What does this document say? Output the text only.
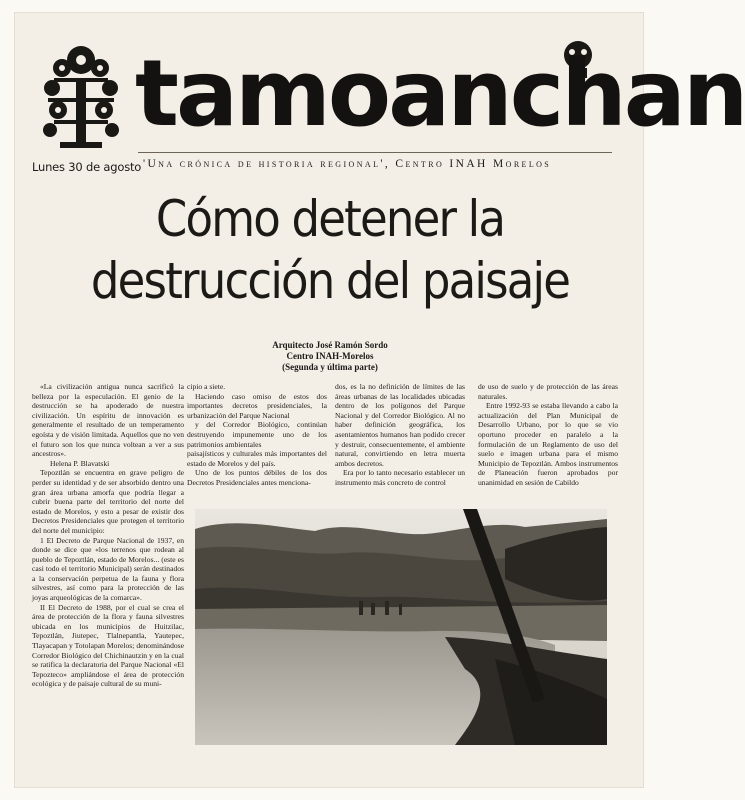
tamoanchan
Lunes 30 de agosto 'Una crónica de historia regional', Centro INAH Morelos
Cómo detener la
destrucción del paisaje
Arquitecto José Ramón Sordo
Centro INAH-Morelos
(Segunda y última parte)

«La civilización antigua nunca sacrificó la belleza por la especulación. El genio de la destrucción se ha apoderado de nuestra civilización. Un espíritu de innovación es generalmente el resultado de un temperamento egoísta y de visión limitada. Aquellos que no ven el futuro son los que nunca voltean a ver a sus ancestros».

Helena P. Blavatski

Tepoztlán se encuentra en grave peligro de perder su identidad y de ser absorbido dentro una gran área urbana amorfa que podría llegar a cubrir buena parte del territorio del norte del estado de Morelos, y esto a pesar de existir dos Decretos Presidenciales que protegen el territorio del norte del municipio:

1 El Decreto de Parque Nacional de 1937, en donde se dice que «los terrenos que rodean al pueblo de Tepoztlán, estado de Morelos... (este es casi todo el territorio Municipal) serán destinados a la conservación perpetua de la fauna y flora silvestres, así como para la protección de las joyas arqueológicas de la comarca».

II El Decreto de 1988, por el cual se crea el área de protección de la flora y fauna silvestres ubicada en los municipios de Huitzilac, Tepoztlán, Jiutepec, Tlalnepantla, Yautepec, Tlayacapan y Totolapan Morelos; denominándose Corredor Biológico del Chichinautzin y en la cual se ratifica la declaratoria del Parque Nacional «El Tepozteco» ampliándose el área de protección ecológica y de paisaje cultural de su muni-

cipio a siete.

Haciendo caso omiso de estos dos importantes decretos presidenciales, la urbanización del Parque Nacional

y del Corredor Biológico, continúan destruyendo impunemente uno de los patrimonios ambientales

paisajísticos y culturales más importantes del estado de Morelos y del país.

Uno de los puntos débiles de los dos Decretos Presidenciales antes menciona-

dos, es la no definición de límites de las áreas urbanas de las localidades ubicadas dentro de los polígonos del Parque Nacional y del Corredor Biológico. Al no haber definición geográfica, los asentamientos humanos han podido crecer y destruir, consecuentemente, el ambiente natural, convirtiendo en letra muerta ambos decretos.

Era por lo tanto necesario establecer un instrumento más concreto de control

de uso de suelo y de protección de las áreas naturales.

Entre 1992-93 se estaba llevando a cabo la actualización del Plan Municipal de Desarrollo Urbano, por lo que se vio oportuno proceder en paralelo a la formulación de un Reglamento de uso del suelo e imagen urbana para el mismo Municipio de Tepoztlán. Ambos instrumentos de Planeación fueron aprobados por unanimidad en sesión de Cabildo
